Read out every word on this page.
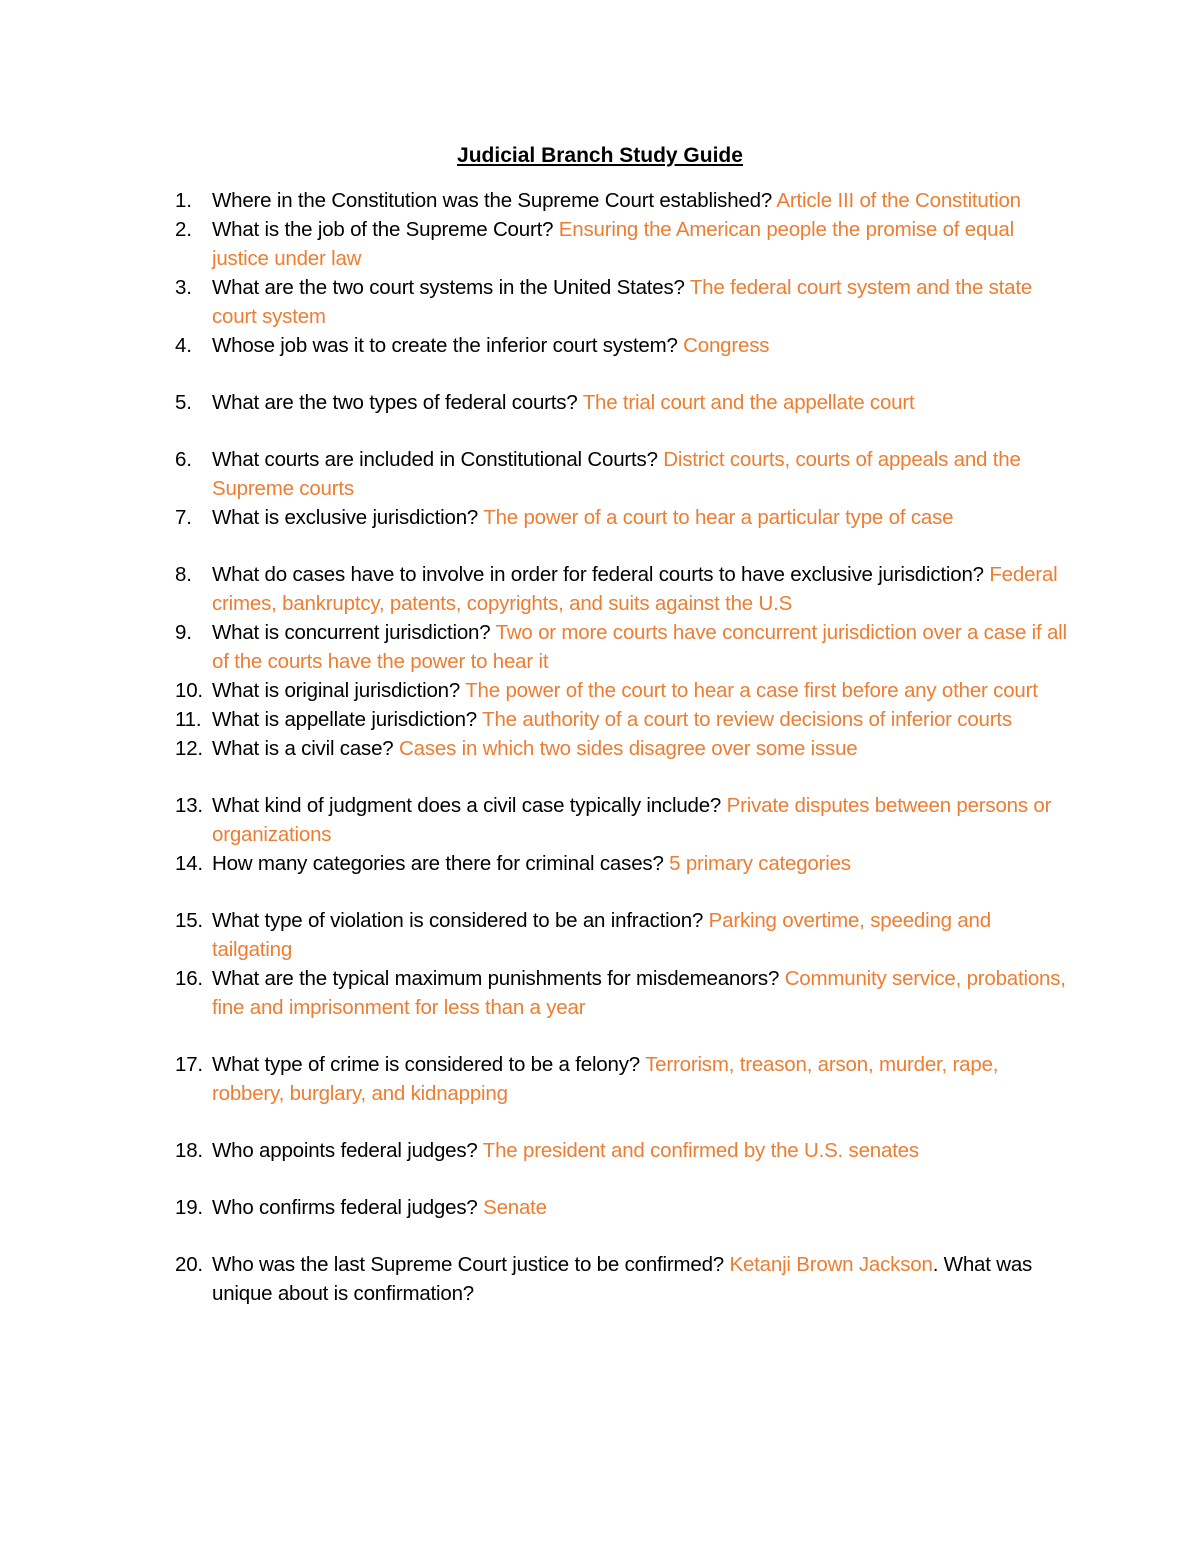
Judicial Branch Study Guide
1. Where in the Constitution was the Supreme Court established? Article III of the Constitution
2. What is the job of the Supreme Court? Ensuring the American people the promise of equal justice under law
3. What are the two court systems in the United States? The federal court system and the state court system
4. Whose job was it to create the inferior court system? Congress
5. What are the two types of federal courts? The trial court and the appellate court
6. What courts are included in Constitutional Courts? District courts, courts of appeals and the Supreme courts
7. What is exclusive jurisdiction? The power of a court to hear a particular type of case
8. What do cases have to involve in order for federal courts to have exclusive jurisdiction? Federal crimes, bankruptcy, patents, copyrights, and suits against the U.S
9. What is concurrent jurisdiction? Two or more courts have concurrent jurisdiction over a case if all of the courts have the power to hear it
10. What is original jurisdiction? The power of the court to hear a case first before any other court
11. What is appellate jurisdiction? The authority of a court to review decisions of inferior courts
12. What is a civil case? Cases in which two sides disagree over some issue
13. What kind of judgment does a civil case typically include? Private disputes between persons or organizations
14. How many categories are there for criminal cases? 5 primary categories
15. What type of violation is considered to be an infraction? Parking overtime, speeding and tailgating
16. What are the typical maximum punishments for misdemeanors? Community service, probations, fine and imprisonment for less than a year
17. What type of crime is considered to be a felony? Terrorism, treason, arson, murder, rape, robbery, burglary, and kidnapping
18. Who appoints federal judges? The president and confirmed by the U.S. senates
19. Who confirms federal judges? Senate
20. Who was the last Supreme Court justice to be confirmed? Ketanji Brown Jackson. What was unique about is confirmation?
